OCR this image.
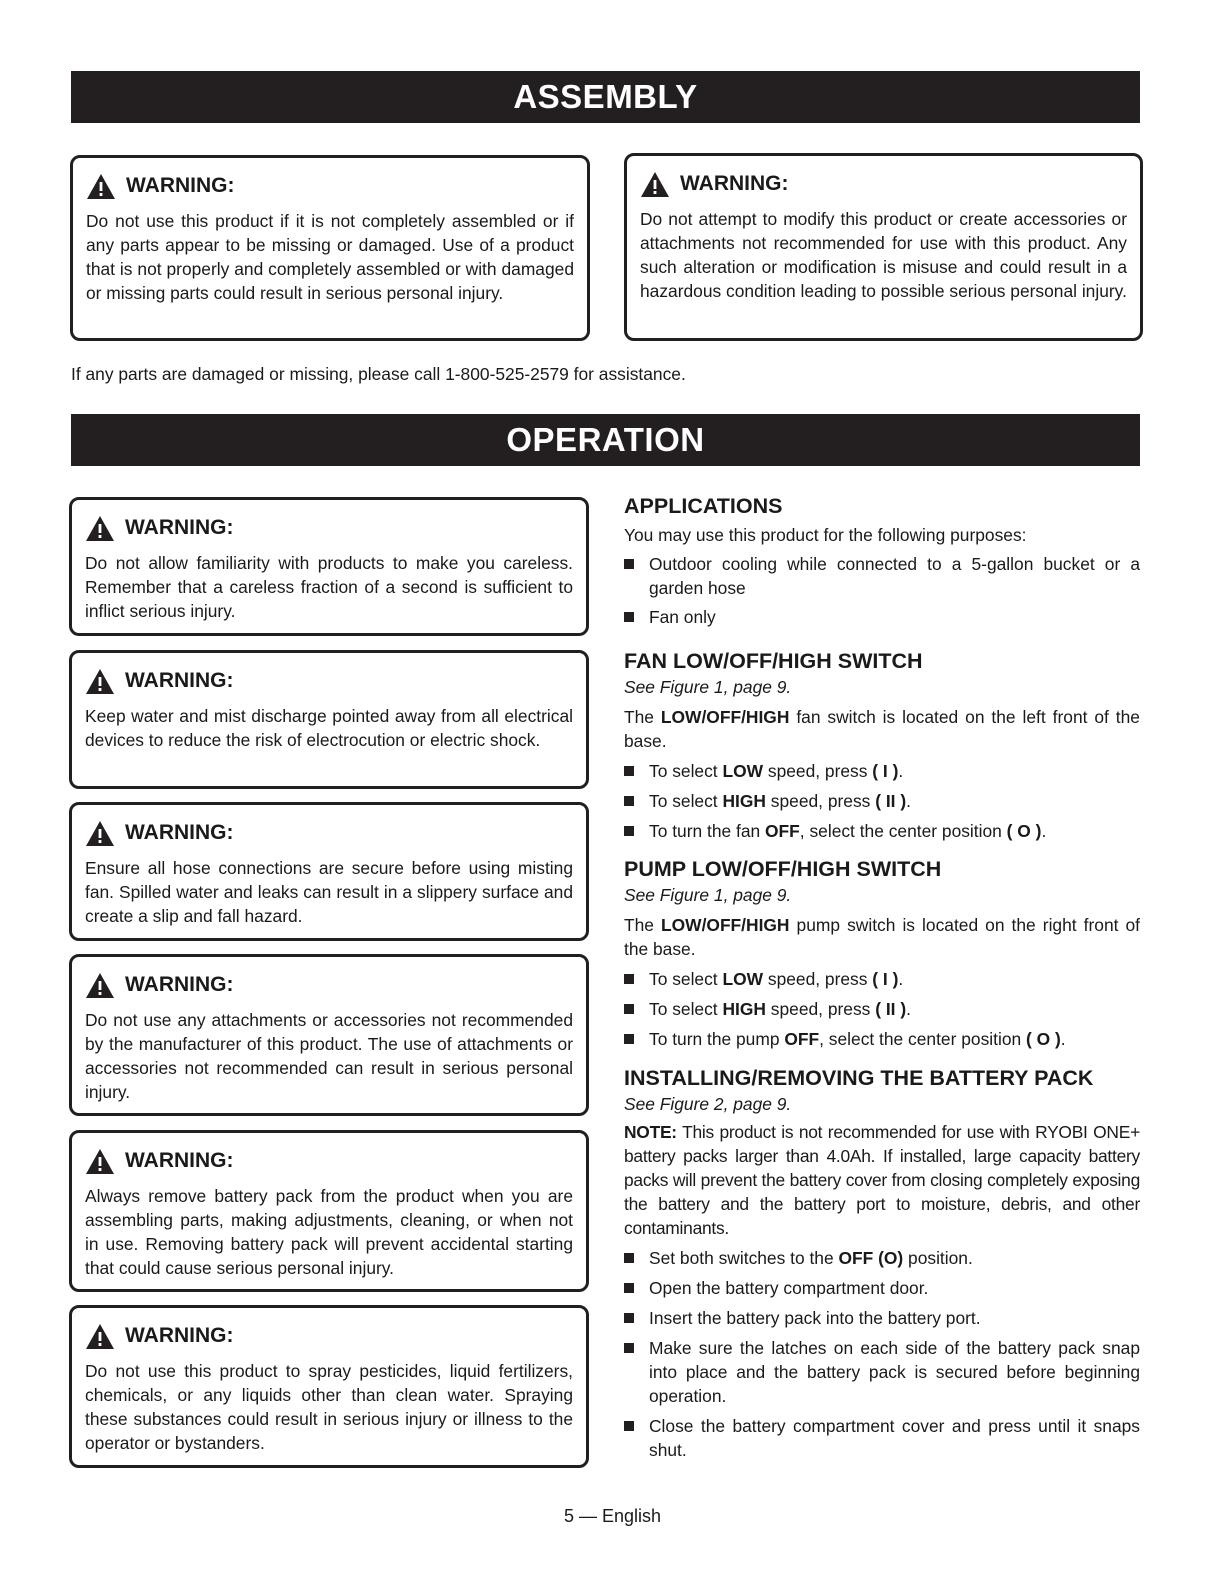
ASSEMBLY
WARNING:
Do not use this product if it is not completely assembled or if any parts appear to be missing or damaged. Use of a product that is not properly and completely assembled or with damaged or missing parts could result in serious personal injury.
WARNING:
Do not attempt to modify this product or create accessories or attachments not recommended for use with this product. Any such alteration or modification is misuse and could result in a hazardous condition leading to possible serious personal injury.
If any parts are damaged or missing, please call 1-800-525-2579 for assistance.
OPERATION
WARNING:
Do not allow familiarity with products to make you careless. Remember that a careless fraction of a second is sufficient to inflict serious injury.
WARNING:
Keep water and mist discharge pointed away from all electrical devices to reduce the risk of electrocution or electric shock.
WARNING:
Ensure all hose connections are secure before using misting fan. Spilled water and leaks can result in a slippery surface and create a slip and fall hazard.
WARNING:
Do not use any attachments or accessories not recommended by the manufacturer of this product. The use of attachments or accessories not recommended can result in serious personal injury.
WARNING:
Always remove battery pack from the product when you are assembling parts, making adjustments, cleaning, or when not in use. Removing battery pack will prevent accidental starting that could cause serious personal injury.
WARNING:
Do not use this product to spray pesticides, liquid fertilizers, chemicals, or any liquids other than clean water. Spraying these substances could result in serious injury or illness to the operator or bystanders.

APPLICATIONS

You may use this product for the following purposes:

Outdoor cooling while connected to a 5-gallon bucket or a garden hose
Fan only

FAN LOW/OFF/HIGH SWITCH

See Figure 1, page 9.

The LOW/OFF/HIGH fan switch is located on the left front of the base.

To select LOW speed, press ( I ).
To select HIGH speed, press ( II ).
To turn the fan OFF, select the center position ( O ).

PUMP LOW/OFF/HIGH SWITCH

See Figure 1, page 9.

The LOW/OFF/HIGH pump switch is located on the right front of the base.

To select LOW speed, press ( I ).
To select HIGH speed, press ( II ).
To turn the pump OFF, select the center position ( O ).

INSTALLING/REMOVING THE BATTERY PACK

See Figure 2, page 9.

NOTE: This product is not recommended for use with RYOBI ONE+ battery packs larger than 4.0Ah. If installed, large capacity battery packs will prevent the battery cover from closing completely exposing the battery and the battery port to moisture, debris, and other contaminants.

Set both switches to the OFF (O) position.
Open the battery compartment door.
Insert the battery pack into the battery port.
Make sure the latches on each side of the battery pack snap into place and the battery pack is secured before beginning operation.
Close the battery compartment cover and press until it snaps shut.
5 — English
